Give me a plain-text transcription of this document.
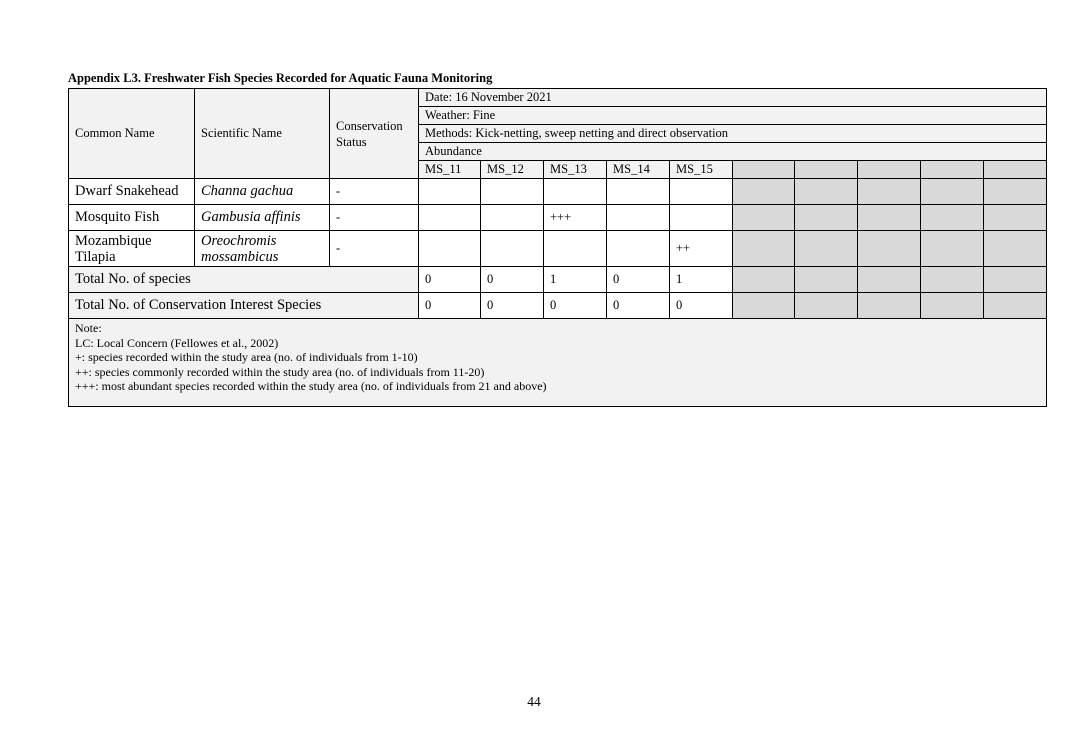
Appendix L3. Freshwater Fish Species Recorded for Aquatic Fauna Monitoring
Common Name	Scientific Name	Conservation Status	Date: 16 November 2021									
			Weather: Fine									
			Methods: Kick-netting, sweep netting and direct observation									
			Abundance									
			MS_11	MS_12	MS_13	MS_14	MS_15					
Dwarf Snakehead	Channa gachua	-										
Mosquito Fish	Gambusia affinis	-			+++							
Mozambique Tilapia	Oreochromis mossambicus	-					++					
Total No. of species			0	0	1	0	1					
Total No. of Conservation Interest Species			0	0	0	0	0					

Note:
LC: Local Concern (Fellowes et al., 2002)
+: species recorded within the study area (no. of individuals from 1-10)
++: species commonly recorded within the study area (no. of individuals from 11-20)
+++: most abundant species recorded within the study area (no. of individuals from 21 and above)												
44
